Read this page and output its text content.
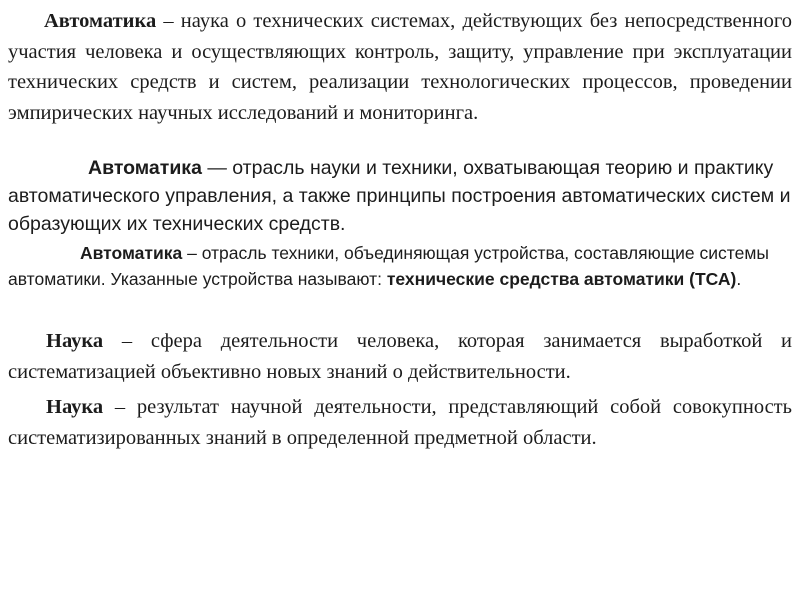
Автоматика – наука о технических системах, действующих без непосредственного участия человека и осуществляющих контроль, защиту, управление при эксплуатации технических средств и систем, реализации технологических процессов, проведении эмпирических научных исследований и мониторинга.

Автоматика — отрасль науки и техники, охватывающая теорию и практику автоматического управления, а также принципы построения автоматических систем и образующих их технических средств.

Автоматика – отрасль техники, объединяющая устройства, составляющие системы автоматики. Указанные устройства называют: технические средства автоматики (ТСА).

Наука – сфера деятельности человека, которая занимается выработкой и систематизацией объективно новых знаний о действительности.

Наука – результат научной деятельности, представляющий собой совокупность систематизированных знаний в определенной предметной области.
